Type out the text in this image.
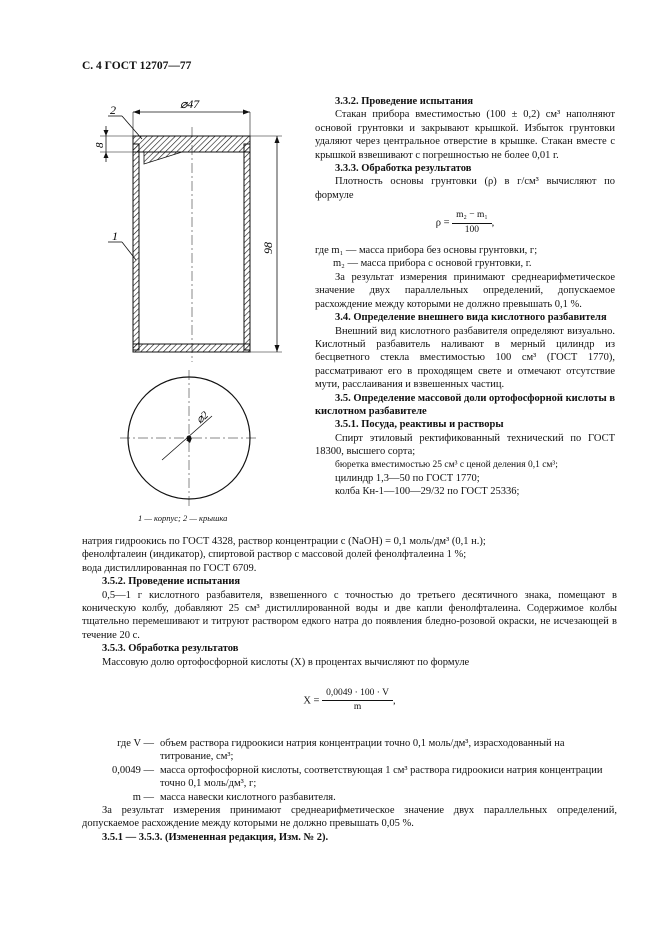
С. 4 ГОСТ 12707—77
⌀47
98
8
2
1
⌀2
1 — корпус; 2 — крышка

3.3.2. Проведение испытания

Стакан прибора вместимостью (100 ± 0,2) см³ наполняют основой грунтовки и закрывают крышкой. Избыток грунтовки удаляют через центральное отверстие в крышке. Стакан вместе с крышкой взвешивают с погрешностью не более 0,01 г.

3.3.3. Обработка результатов

Плотность основы грунтовки (ρ) в г/см³ вычисляют по формуле

$\rho = \frac{\text{m₂ − m₁}}{100}$ ,

где m₁ — масса прибора без основы грунтовки, г;

m₂ — масса прибора с основой грунтовки, г.

За результат измерения принимают среднеарифметическое значение двух параллельных определений, допускаемое расхождение между которыми не должно превышать 0,1 %.

3.4. Определение внешнего вида кислотного разбавителя

Внешний вид кислотного разбавителя определяют визуально. Кислотный разбавитель наливают в мерный цилиндр из бесцветного стекла вместимостью 100 см³ (ГОСТ 1770), рассматривают его в проходящем свете и отмечают отсутствие мути, расслаивания и взвешенных частиц.

3.5. Определение массовой доли ортофосфорной кислоты в кислотном разбавителе

3.5.1. Посуда, реактивы и растворы

Спирт этиловый ректификованный технический по ГОСТ 18300, высшего сорта;

бюретка вместимостью 25 см³ с ценой деления 0,1 см³;

цилиндр 1,3—50 по ГОСТ 1770;

колба Кн-1—100—29/32 по ГОСТ 25336;

натрия гидроокись по ГОСТ 4328, раствор концентрации c (NaOH) = 0,1 моль/дм³ (0,1 н.);

фенолфталеин (индикатор), спиртовой раствор с массовой долей фенолфталеина 1 %;

вода дистиллированная по ГОСТ 6709.

3.5.2. Проведение испытания

0,5—1 г кислотного разбавителя, взвешенного с точностью до третьего десятичного знака, помещают в коническую колбу, добавляют 25 см³ дистиллированной воды и две капли фенолфталеина. Содержимое колбы тщательно перемешивают и титруют раствором едкого натра до появления бледно-розовой окраски, не исчезающей в течение 20 с.

3.5.3. Обработка результатов

Массовую долю ортофосфорной кислоты (X) в процентах вычисляют по формуле

$X = \frac{0,0049 \cdot 100 \cdot V}{m}$ ,
где V — объем раствора гидроокиси натрия концентрации точно 0,1 моль/дм³, израсходованный на титрование, см³;
0,0049 — масса ортофосфорной кислоты, соответствующая 1 см³ раствора гидроокиси натрия концентрации точно 0,1 моль/дм³, г;
m — масса навески кислотного разбавителя.

За результат измерения принимают среднеарифметическое значение двух параллельных определений, допускаемое расхождение между которыми не должно превышать 0,05 %.

3.5.1 — 3.5.3. (Измененная редакция, Изм. № 2).
